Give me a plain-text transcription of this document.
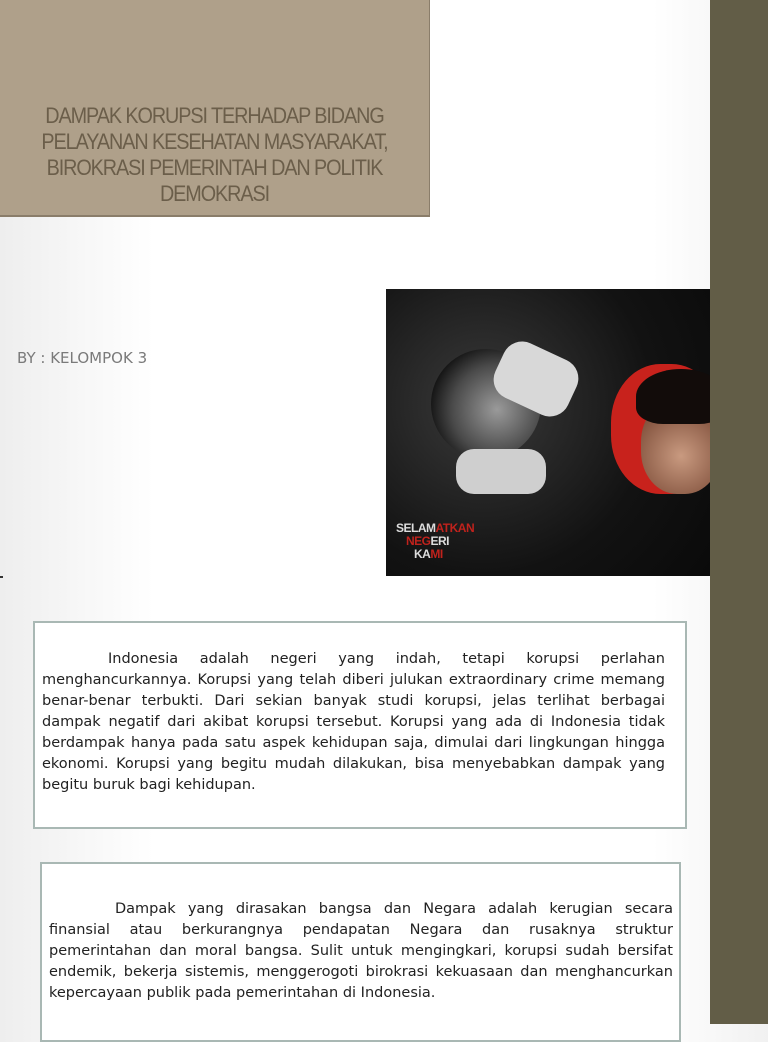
DAMPAK KORUPSI TERHADAP BIDANG PELAYANAN KESEHATAN MASYARAKAT, BIROKRASI PEMERINTAH DAN POLITIK DEMOKRASI
BY : KELOMPOK 3
SELAMATKAN
NEGERI
KAMI

Indonesia adalah negeri yang indah, tetapi korupsi perlahan menghancurkannya. Korupsi yang telah diberi julukan extraordinary crime memang benar-benar terbukti. Dari sekian banyak studi korupsi, jelas terlihat berbagai dampak negatif dari akibat korupsi tersebut. Korupsi yang ada di Indonesia tidak berdampak hanya pada satu aspek kehidupan saja, dimulai dari lingkungan hingga ekonomi. Korupsi yang begitu mudah dilakukan, bisa menyebabkan dampak yang begitu buruk bagi kehidupan.

Dampak yang dirasakan bangsa dan Negara adalah kerugian secara finansial atau berkurangnya pendapatan Negara dan rusaknya struktur pemerintahan dan moral bangsa. Sulit untuk mengingkari, korupsi sudah bersifat endemik, bekerja sistemis, menggerogoti birokrasi kekuasaan dan menghancurkan kepercayaan publik pada pemerintahan di Indonesia.
